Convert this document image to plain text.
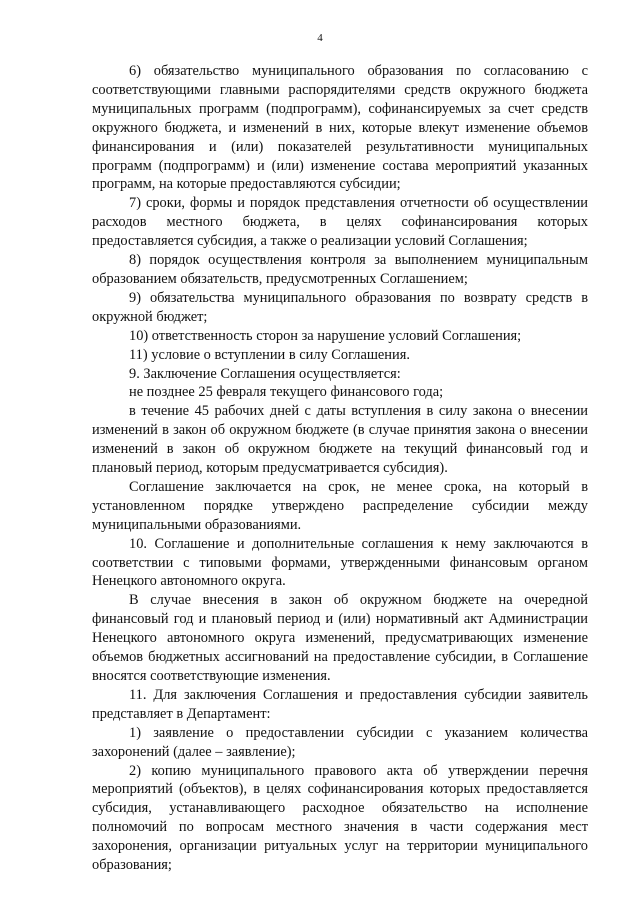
4

6) обязательство муниципального образования по согласованию с соответствующими главными распорядителями средств окружного бюджета муниципальных программ (подпрограмм), софинансируемых за счет средств окружного бюджета, и изменений в них, которые влекут изменение объемов финансирования и (или) показателей результативности муниципальных программ (подпрограмм) и (или) изменение состава мероприятий указанных программ, на которые предоставляются субсидии;

7) сроки, формы и порядок представления отчетности об осуществлении расходов местного бюджета, в целях софинансирования которых предоставляется субсидия, а также о реализации условий Соглашения;

8) порядок осуществления контроля за выполнением муниципальным образованием обязательств, предусмотренных Соглашением;

9) обязательства муниципального образования по возврату средств в окружной бюджет;

10) ответственность сторон за нарушение условий Соглашения;

11) условие о вступлении в силу Соглашения.

9. Заключение Соглашения осуществляется:

не позднее 25 февраля текущего финансового года;

в течение 45 рабочих дней с даты вступления в силу закона о внесении изменений в закон об окружном бюджете (в случае принятия закона о внесении изменений в закон об окружном бюджете на текущий финансовый год и плановый период, которым предусматривается субсидия).

Соглашение заключается на срок, не менее срока, на который в установленном порядке утверждено распределение субсидии между муниципальными образованиями.

10. Соглашение и дополнительные соглашения к нему заключаются в соответствии с типовыми формами, утвержденными финансовым органом Ненецкого автономного округа.

В случае внесения в закон об окружном бюджете на очередной финансовый год и плановый период и (или) нормативный акт Администрации Ненецкого автономного округа изменений, предусматривающих изменение объемов бюджетных ассигнований на предоставление субсидии, в Соглашение вносятся соответствующие изменения.

11. Для заключения Соглашения и предоставления субсидии заявитель представляет в Департамент:

1) заявление о предоставлении субсидии с указанием количества захоронений (далее – заявление);

2) копию муниципального правового акта об утверждении перечня мероприятий (объектов), в целях софинансирования которых предоставляется субсидия, устанавливающего расходное обязательство на исполнение полномочий по вопросам местного значения в части содержания мест захоронения, организации ритуальных услуг на территории муниципального образования;
